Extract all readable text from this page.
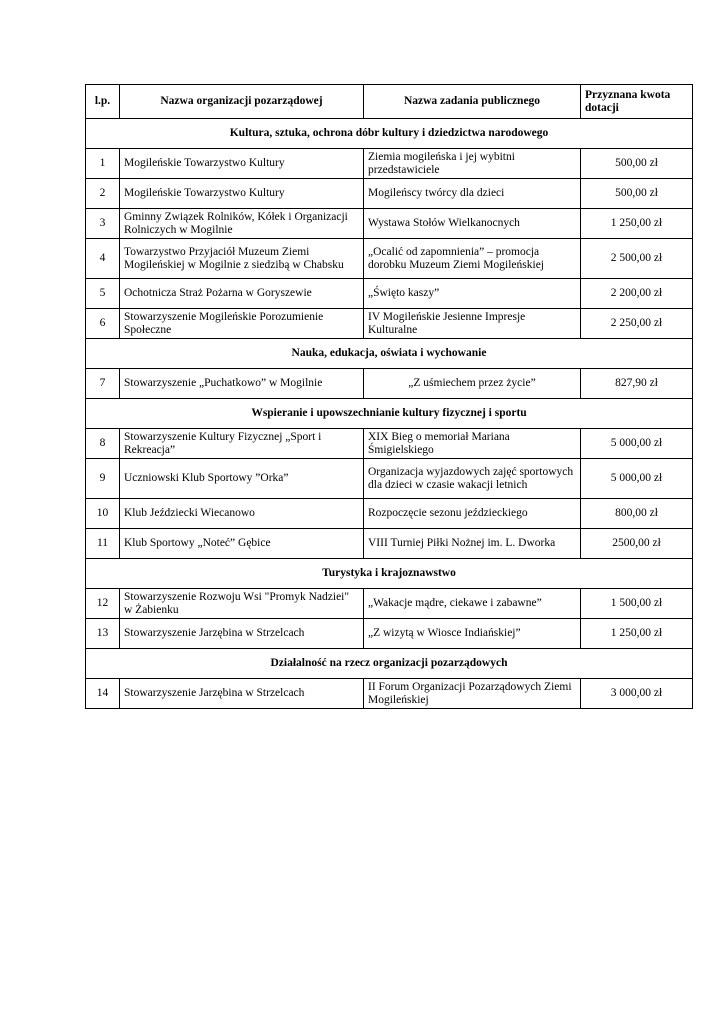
l.p.	Nazwa organizacji pozarządowej	Nazwa zadania publicznego	Przyznana kwota dotacji
Kultura, sztuka, ochrona dóbr kultury i dziedzictwa narodowego			
1	Mogileńskie Towarzystwo Kultury	Ziemia mogileńska i jej wybitni przedstawiciele	500,00 zł
2	Mogileńskie Towarzystwo Kultury	Mogileńscy twórcy dla dzieci	500,00 zł
3	Gminny Związek Rolników, Kółek i Organizacji Rolniczych w Mogilnie	Wystawa Stołów Wielkanocnych	1 250,00 zł
4	Towarzystwo Przyjaciół Muzeum Ziemi Mogileńskiej w Mogilnie z siedzibą w Chabsku	„Ocalić od zapomnienia” – promocja dorobku Muzeum Ziemi Mogileńskiej	2 500,00 zł
5	Ochotnicza Straż Pożarna w Goryszewie	„Święto kaszy”	2 200,00 zł
6	Stowarzyszenie Mogileńskie Porozumienie Społeczne	IV Mogileńskie Jesienne Impresje Kulturalne	2 250,00 zł
Nauka, edukacja, oświata i wychowanie			
7	Stowarzyszenie „Puchatkowo” w Mogilnie	„Z uśmiechem przez życie”	827,90 zł
Wspieranie i upowszechnianie kultury fizycznej i sportu			
8	Stowarzyszenie Kultury Fizycznej „Sport i Rekreacja”	XIX Bieg o memoriał Mariana Śmigielskiego	5 000,00 zł
9	Uczniowski Klub Sportowy ”Orka”	Organizacja wyjazdowych zajęć sportowych dla dzieci w czasie wakacji letnich	5 000,00 zł
10	Klub Jeździecki Wiecanowo	Rozpoczęcie sezonu jeździeckiego	800,00 zł
11	Klub Sportowy „Noteć” Gębice	VIII Turniej Piłki Nożnej im. L. Dworka	2500,00 zł
Turystyka i krajoznawstwo			
12	Stowarzyszenie Rozwoju Wsi "Promyk Nadziei" w Żabienku	„Wakacje mądre, ciekawe i zabawne”	1 500,00 zł
13	Stowarzyszenie Jarzębina w Strzelcach	„Z wizytą w Wiosce Indiańskiej”	1 250,00 zł
Działalność na rzecz organizacji pozarządowych			
14	Stowarzyszenie Jarzębina w Strzelcach	II Forum Organizacji Pozarządowych Ziemi Mogileńskiej	3 000,00 zł
